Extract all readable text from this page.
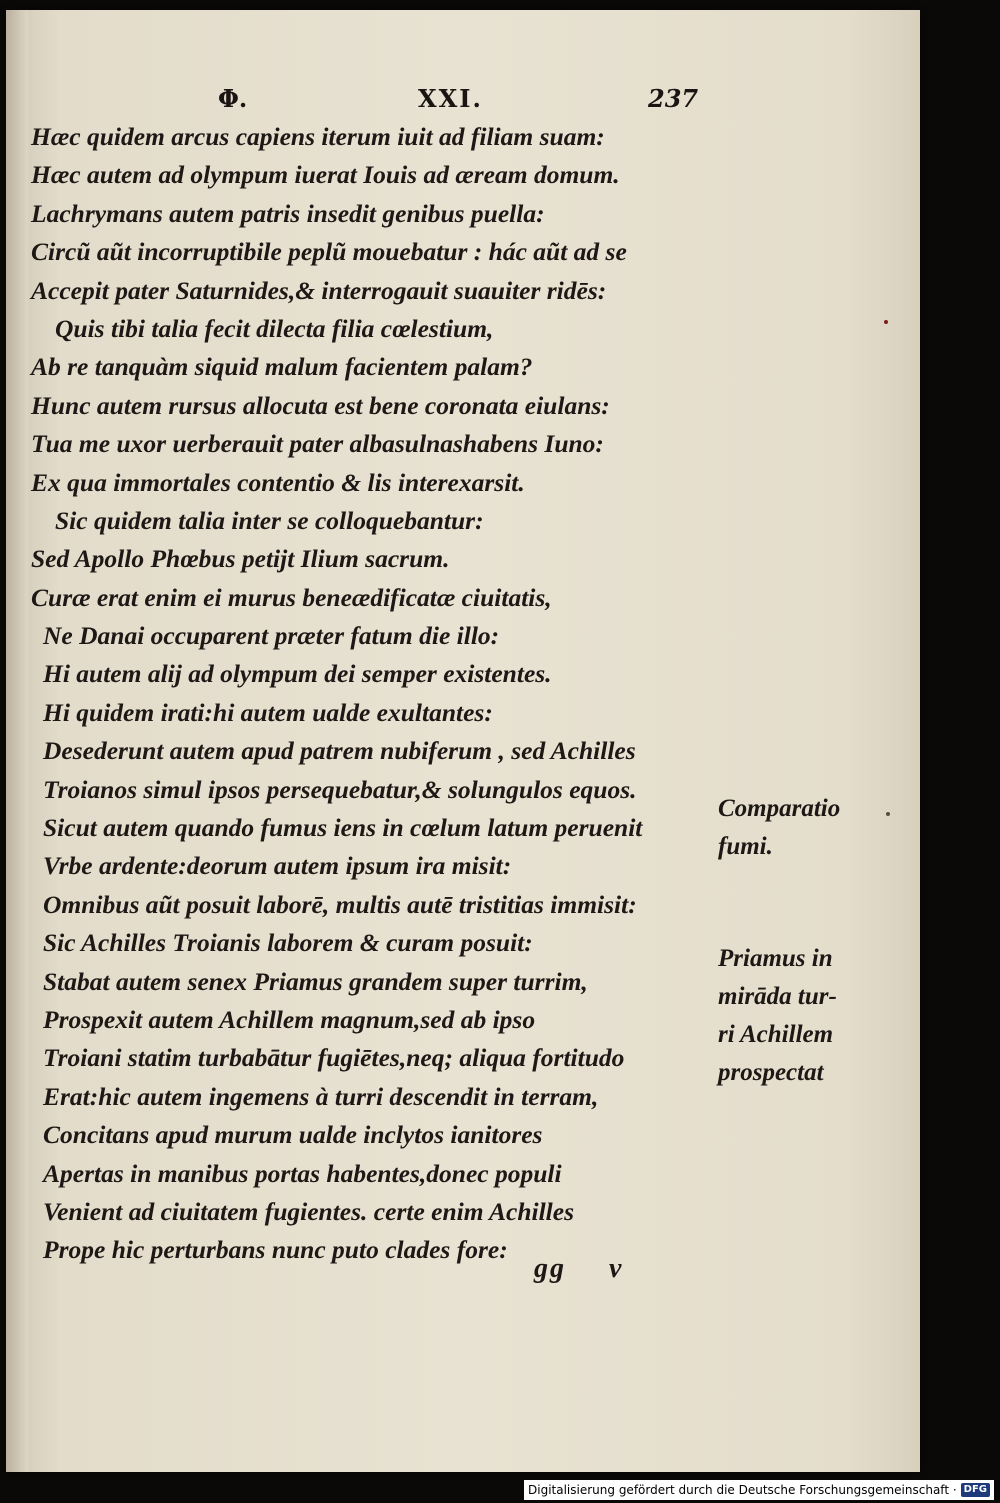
Φ.	XXI.	237
Hæc quidem arcus capiens iterum iuit ad filiam suam:
Hæc autem ad olympum iuerat Iouis ad æream domum.
Lachrymans autem patris insedit genibus puella:
Circũ aũt incorruptibile peplũ mouebatur : hác aũt ad se
Accepit pater Saturnides,& interrogauit suauiter ridēs:
Quis tibi talia fecit dilecta filia cœlestium,
Ab re tanquàm siquid malum facientem palam?
Hunc autem rursus allocuta est bene coronata eiulans:
Tua me uxor uerberauit pater albasulnashabens Iuno:
Ex qua immortales contentio & lis interexarsit.
Sic quidem talia inter se colloquebantur:
Sed Apollo Phœbus petijt Ilium sacrum.
Curæ erat enim ei murus beneædificatæ ciuitatis,
Ne Danai occuparent præter fatum die illo:
Hi autem alij ad olympum dei semper existentes.
Hi quidem irati:hi autem ualde exultantes:
Desederunt autem apud patrem nubiferum , sed Achilles
Troianos simul ipsos persequebatur,& solungulos equos.
Sicut autem quando fumus iens in cœlum latum peruenit
Vrbe ardente:deorum autem ipsum ira misit:
Omnibus aũt posuit laborē, multis autē tristitias immisit:
Sic Achilles Troianis laborem & curam posuit:
Stabat autem senex Priamus grandem super turrim,
Prospexit autem Achillem magnum,sed ab ipso
Troiani statim turbabātur fugiētes,neq; aliqua fortitudo
Erat:hic autem ingemens à turri descendit in terram,
Concitans apud murum ualde inclytos ianitores
Apertas in manibus portas habentes,donec populi
Venient ad ciuitatem fugientes. certe enim Achilles
Prope hic perturbans nunc puto clades fore:
Comparatio
fumi.
Priamus in
mirāda tur-
ri Achillem
prospectat
gg v
Digitalisierung gefördert durch die Deutsche Forschungsgemeinschaft · DFG
